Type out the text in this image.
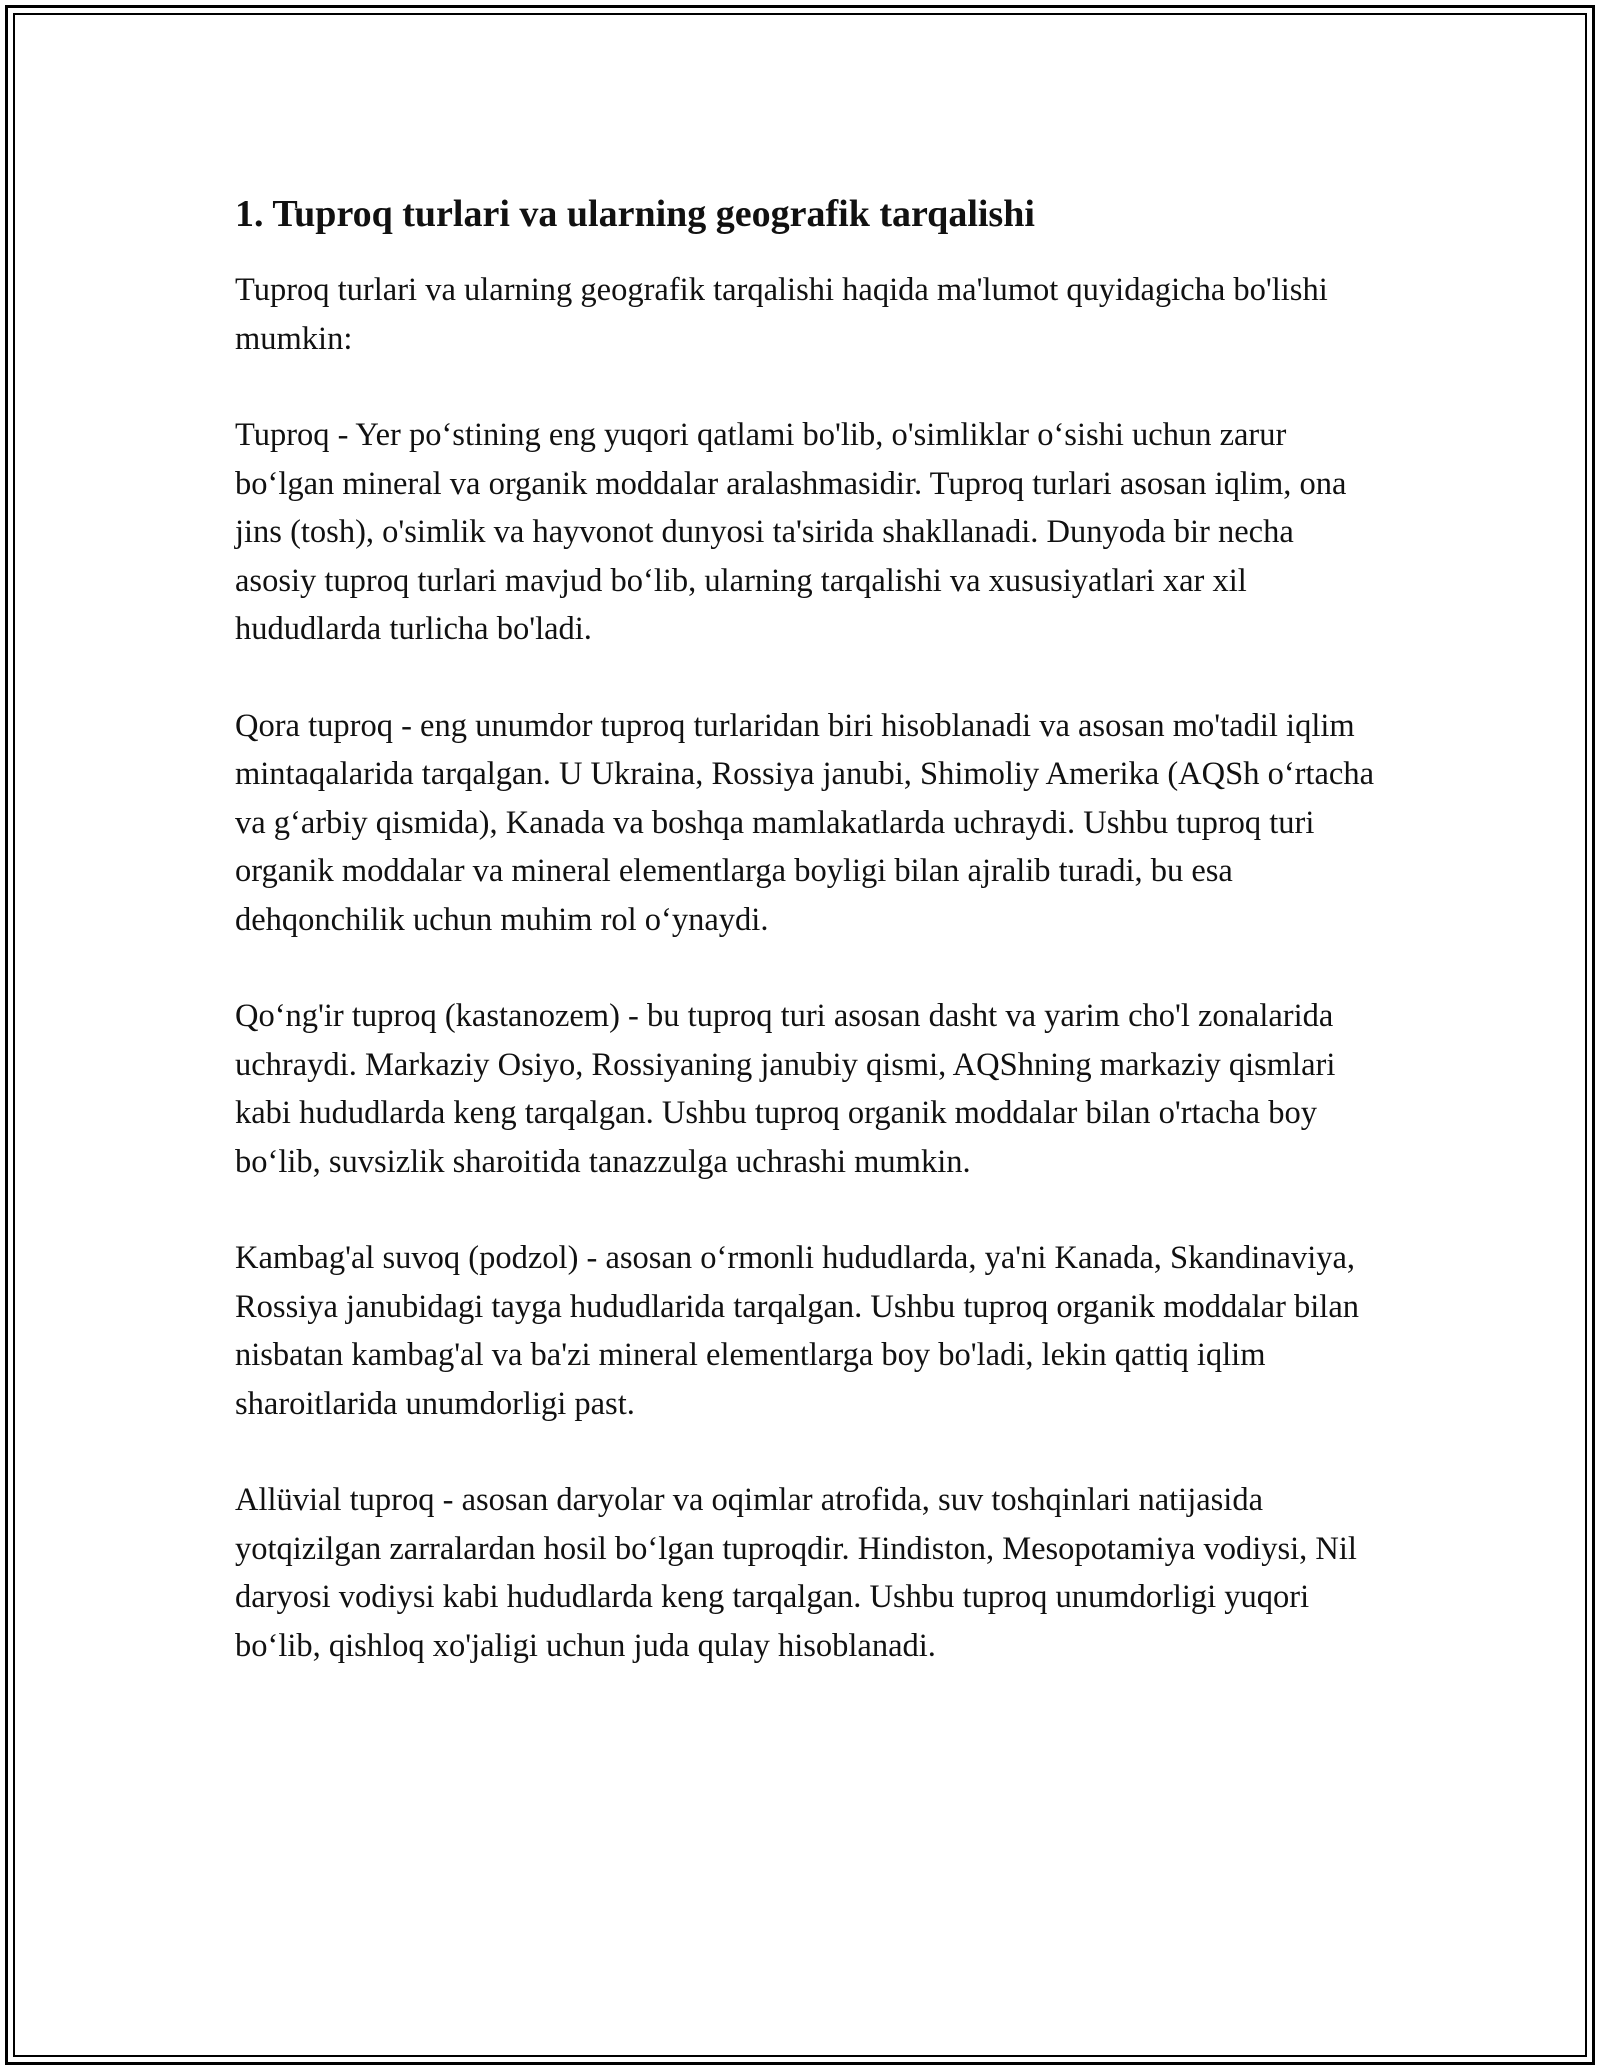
1. Tuproq turlari va ularning geografik tarqalishi

Tuproq turlari va ularning geografik tarqalishi haqida ma'lumot quyidagicha bo'lishi mumkin:

Tuproq - Yer po‘stining eng yuqori qatlami bo'lib, o'simliklar o‘sishi uchun zarur bo‘lgan mineral va organik moddalar aralashmasidir. Tuproq turlari asosan iqlim, ona jins (tosh), o'simlik va hayvonot dunyosi ta'sirida shakllanadi. Dunyoda bir necha asosiy tuproq turlari mavjud bo‘lib, ularning tarqalishi va xususiyatlari xar xil hududlarda turlicha bo'ladi.

Qora tuproq - eng unumdor tuproq turlaridan biri hisoblanadi va asosan mo'tadil iqlim mintaqalarida tarqalgan. U Ukraina, Rossiya janubi, Shimoliy Amerika (AQSh o‘rtacha va g‘arbiy qismida), Kanada va boshqa mamlakatlarda uchraydi. Ushbu tuproq turi organik moddalar va mineral elementlarga boyligi bilan ajralib turadi, bu esa dehqonchilik uchun muhim rol o‘ynaydi.

Qo‘ng'ir tuproq (kastanozem) - bu tuproq turi asosan dasht va yarim cho'l zonalarida uchraydi. Markaziy Osiyo, Rossiyaning janubiy qismi, AQShning markaziy qismlari kabi hududlarda keng tarqalgan. Ushbu tuproq organik moddalar bilan o'rtacha boy bo‘lib, suvsizlik sharoitida tanazzulga uchrashi mumkin.

Kambag'al suvoq (podzol) - asosan o‘rmonli hududlarda, ya'ni Kanada, Skandinaviya, Rossiya janubidagi tayga hududlarida tarqalgan. Ushbu tuproq organik moddalar bilan nisbatan kambag'al va ba'zi mineral elementlarga boy bo'ladi, lekin qattiq iqlim sharoitlarida unumdorligi past.

Allüvial tuproq - asosan daryolar va oqimlar atrofida, suv toshqinlari natijasida yotqizilgan zarralardan hosil bo‘lgan tuproqdir. Hindiston, Mesopotamiya vodiysi, Nil daryosi vodiysi kabi hududlarda keng tarqalgan. Ushbu tuproq unumdorligi yuqori bo‘lib, qishloq xo'jaligi uchun juda qulay hisoblanadi.
